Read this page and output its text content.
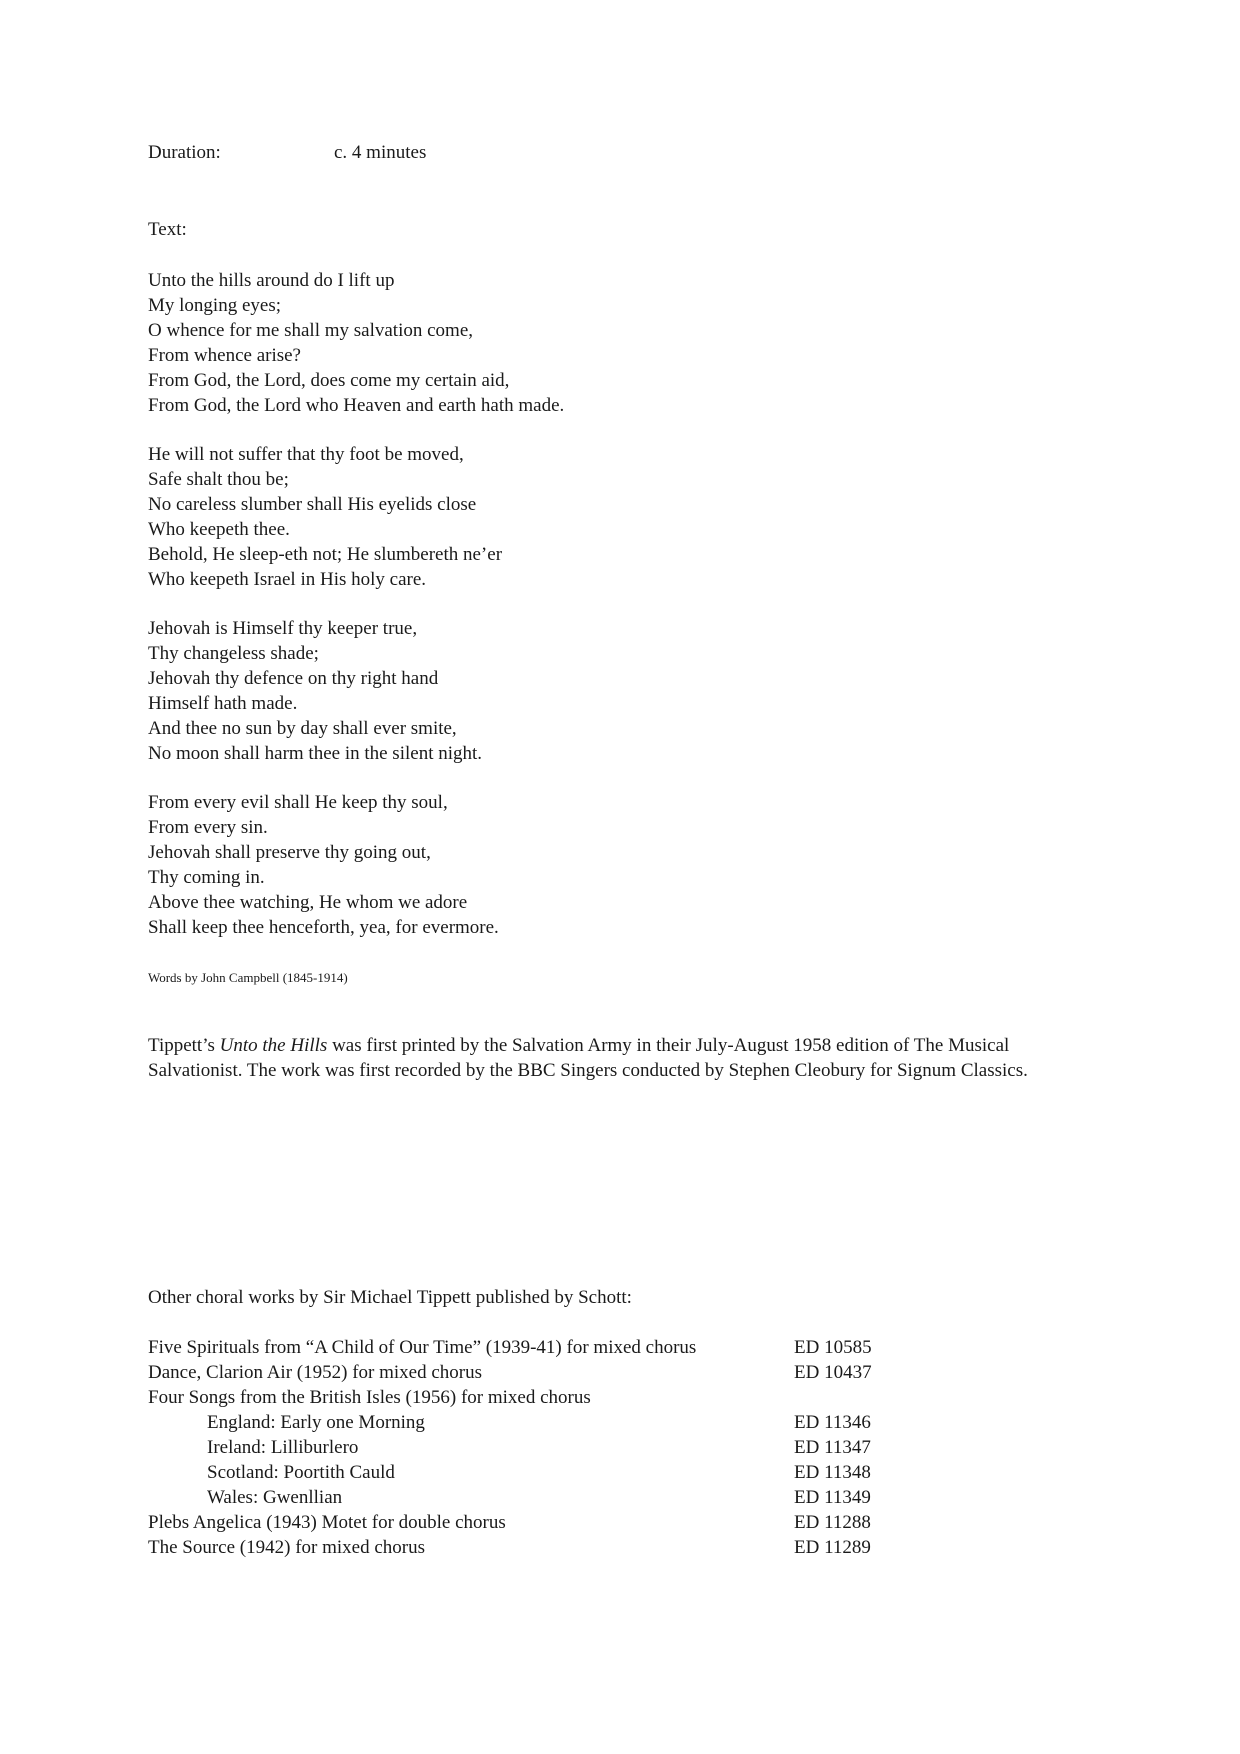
Duration:	c. 4 minutes
Text:
Unto the hills around do I lift up
My longing eyes;
O whence for me shall my salvation come,
From whence arise?
From God, the Lord, does come my certain aid,
From God, the Lord who Heaven and earth hath made.
He will not suffer that thy foot be moved,
Safe shalt thou be;
No careless slumber shall His eyelids close
Who keepeth thee.
Behold, He sleep-eth not; He slumbereth ne’er
Who keepeth Israel in His holy care.
Jehovah is Himself thy keeper true,
Thy changeless shade;
Jehovah thy defence on thy right hand
Himself hath made.
And thee no sun by day shall ever smite,
No moon shall harm thee in the silent night.
From every evil shall He keep thy soul,
From every sin.
Jehovah shall preserve thy going out,
Thy coming in.
Above thee watching, He whom we adore
Shall keep thee henceforth, yea, for evermore.
Words by John Campbell (1845-1914)
Tippett’s Unto the Hills was first printed by the Salvation Army in their July-August 1958 edition of The Musical Salvationist. The work was first recorded by the BBC Singers conducted by Stephen Cleobury for Signum Classics.
Other choral works by Sir Michael Tippett published by Schott:
Five Spirituals from “A Child of Our Time” (1939-41) for mixed chorus	ED 10585
Dance, Clarion Air (1952) for mixed chorus	ED 10437
Four Songs from the British Isles (1956) for mixed chorus
England: Early one Morning	ED 11346
Ireland: Lilliburlero	ED 11347
Scotland: Poortith Cauld	ED 11348
Wales: Gwenllian	ED 11349
Plebs Angelica (1943) Motet for double chorus	ED 11288
The Source (1942) for mixed chorus	ED 11289
